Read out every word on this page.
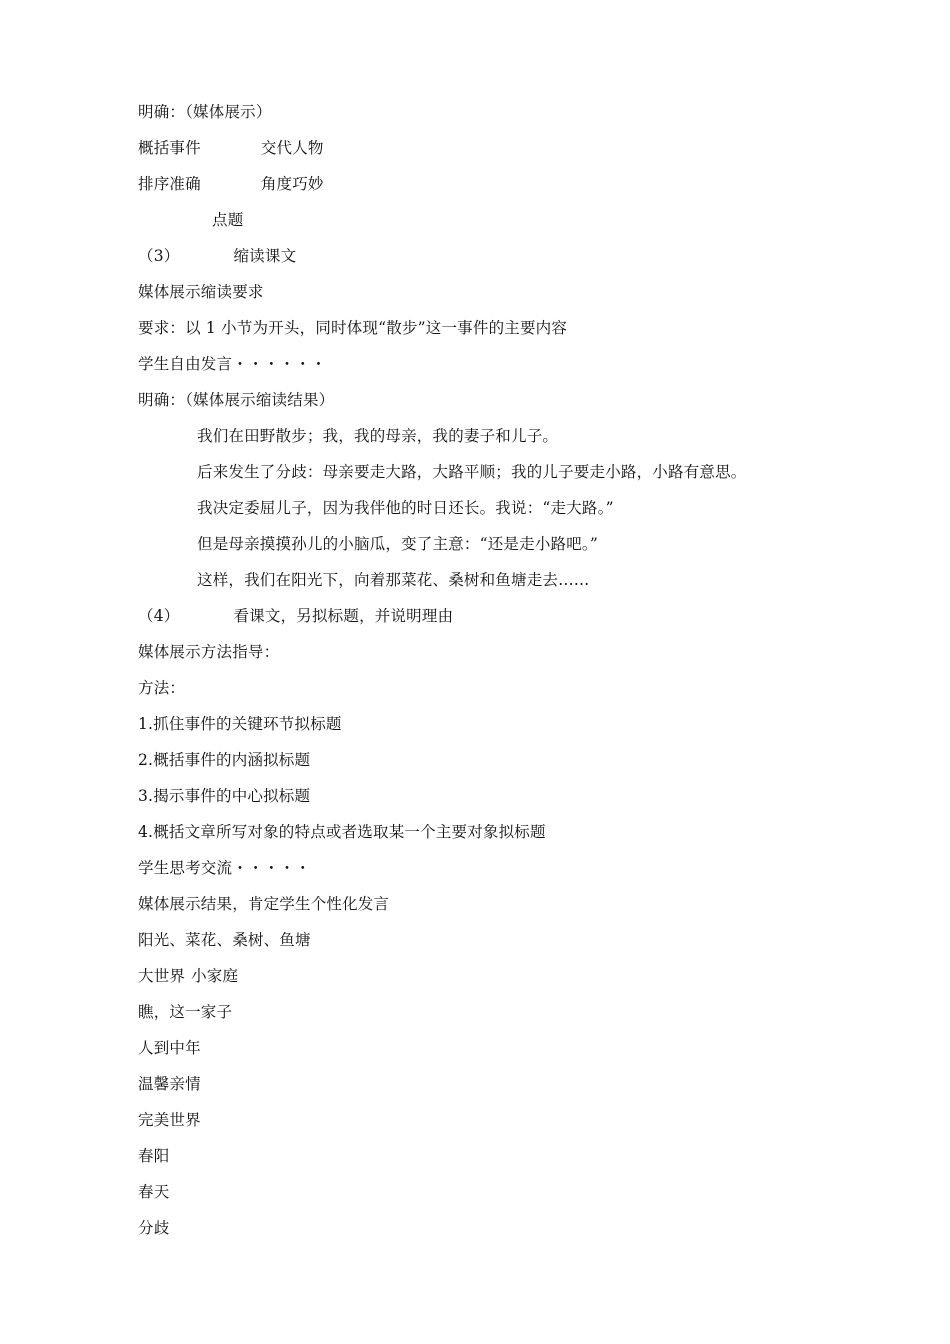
明确：（媒体展示）
概括事件	交代人物
排序准确	角度巧妙
点题
（3）	缩读课文
媒体展示缩读要求
要求：以 1 小节为开头，同时体现“散步”这一事件的主要内容
学生自由发言・・・・・・
明确：（媒体展示缩读结果）
我们在田野散步；我，我的母亲，我的妻子和儿子。
后来发生了分歧：母亲要走大路，大路平顺；我的儿子要走小路，小路有意思。
我决定委屈儿子，因为我伴他的时日还长。我说：“走大路。”
但是母亲摸摸孙儿的小脑瓜，变了主意：“还是走小路吧。”
这样，我们在阳光下，向着那菜花、桑树和鱼塘走去……
（4）	看课文，另拟标题，并说明理由
媒体展示方法指导：
方法：
1.抓住事件的关键环节拟标题
2.概括事件的内涵拟标题
3.揭示事件的中心拟标题
4.概括文章所写对象的特点或者选取某一个主要对象拟标题
学生思考交流・・・・・
媒体展示结果，肯定学生个性化发言
阳光、菜花、桑树、鱼塘
大世界 小家庭
瞧，这一家子
人到中年
温馨亲情
完美世界
春阳
春天
分歧
